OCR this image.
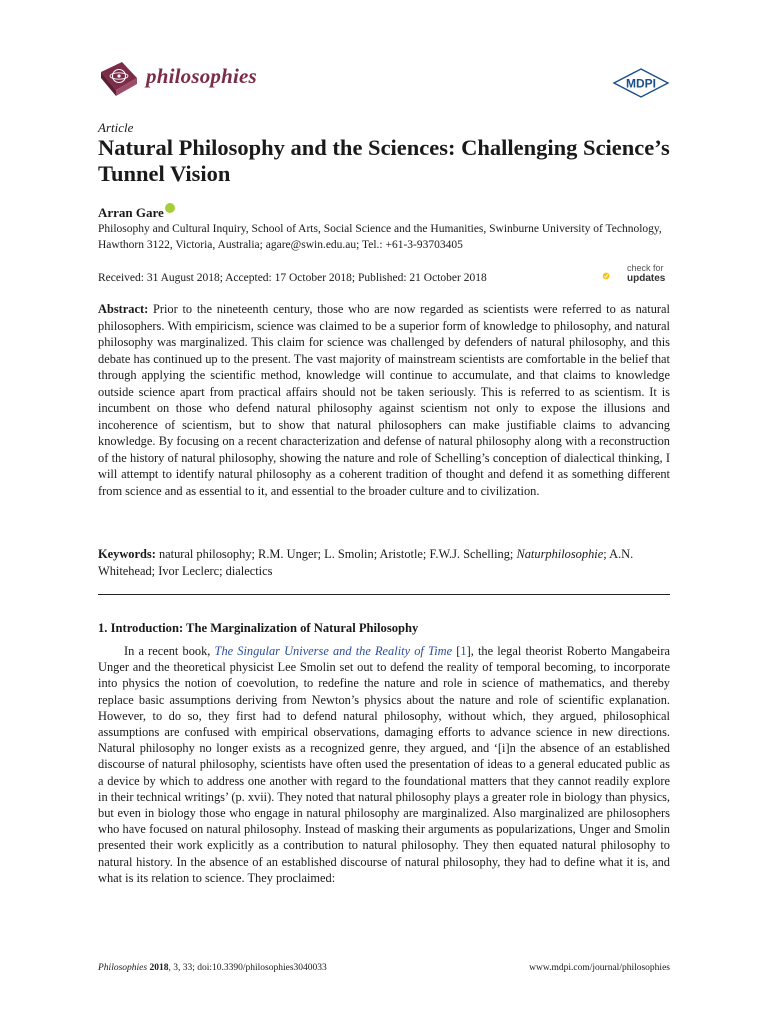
philosophies	MDPI
Article
Natural Philosophy and the Sciences: Challenging Science’s Tunnel Vision
Arran Gare
Philosophy and Cultural Inquiry, School of Arts, Social Science and the Humanities, Swinburne University of Technology, Hawthorn 3122, Victoria, Australia; agare@swin.edu.au; Tel.: +61-3-93703405
Received: 31 August 2018; Accepted: 17 October 2018; Published: 21 October 2018
check for
updates

Abstract: Prior to the nineteenth century, those who are now regarded as scientists were referred to as natural philosophers. With empiricism, science was claimed to be a superior form of knowledge to philosophy, and natural philosophy was marginalized. This claim for science was challenged by defenders of natural philosophy, and this debate has continued up to the present. The vast majority of mainstream scientists are comfortable in the belief that through applying the scientific method, knowledge will continue to accumulate, and that claims to knowledge outside science apart from practical affairs should not be taken seriously. This is referred to as scientism. It is incumbent on those who defend natural philosophy against scientism not only to expose the illusions and incoherence of scientism, but to show that natural philosophers can make justifiable claims to advancing knowledge. By focusing on a recent characterization and defense of natural philosophy along with a reconstruction of the history of natural philosophy, showing the nature and role of Schelling’s conception of dialectical thinking, I will attempt to identify natural philosophy as a coherent tradition of thought and defend it as something different from science and as essential to it, and essential to the broader culture and to civilization.

Keywords: natural philosophy; R.M. Unger; L. Smolin; Aristotle; F.W.J. Schelling; Naturphilosophie; A.N. Whitehead; Ivor Leclerc; dialectics

1. Introduction: The Marginalization of Natural Philosophy

In a recent book, The Singular Universe and the Reality of Time [1], the legal theorist Roberto Mangabeira Unger and the theoretical physicist Lee Smolin set out to defend the reality of temporal becoming, to incorporate into physics the notion of coevolution, to redefine the nature and role in science of mathematics, and thereby replace basic assumptions deriving from Newton’s physics about the nature and role of scientific explanation. However, to do so, they first had to defend natural philosophy, without which, they argued, philosophical assumptions are confused with empirical observations, damaging efforts to advance science in new directions. Natural philosophy no longer exists as a recognized genre, they argued, and ‘[i]n the absence of an established discourse of natural philosophy, scientists have often used the presentation of ideas to a general educated public as a device by which to address one another with regard to the foundational matters that they cannot readily explore in their technical writings’ (p. xvii). They noted that natural philosophy plays a greater role in biology than physics, but even in biology those who engage in natural philosophy are marginalized. Also marginalized are philosophers who have focused on natural philosophy. Instead of masking their arguments as popularizations, Unger and Smolin presented their work explicitly as a contribution to natural philosophy. They then equated natural philosophy to natural history. In the absence of an established discourse of natural philosophy, they had to define what it is, and what is its relation to science. They proclaimed:

Philosophies 2018, 3, 33; doi:10.3390/philosophies3040033	www.mdpi.com/journal/philosophies
